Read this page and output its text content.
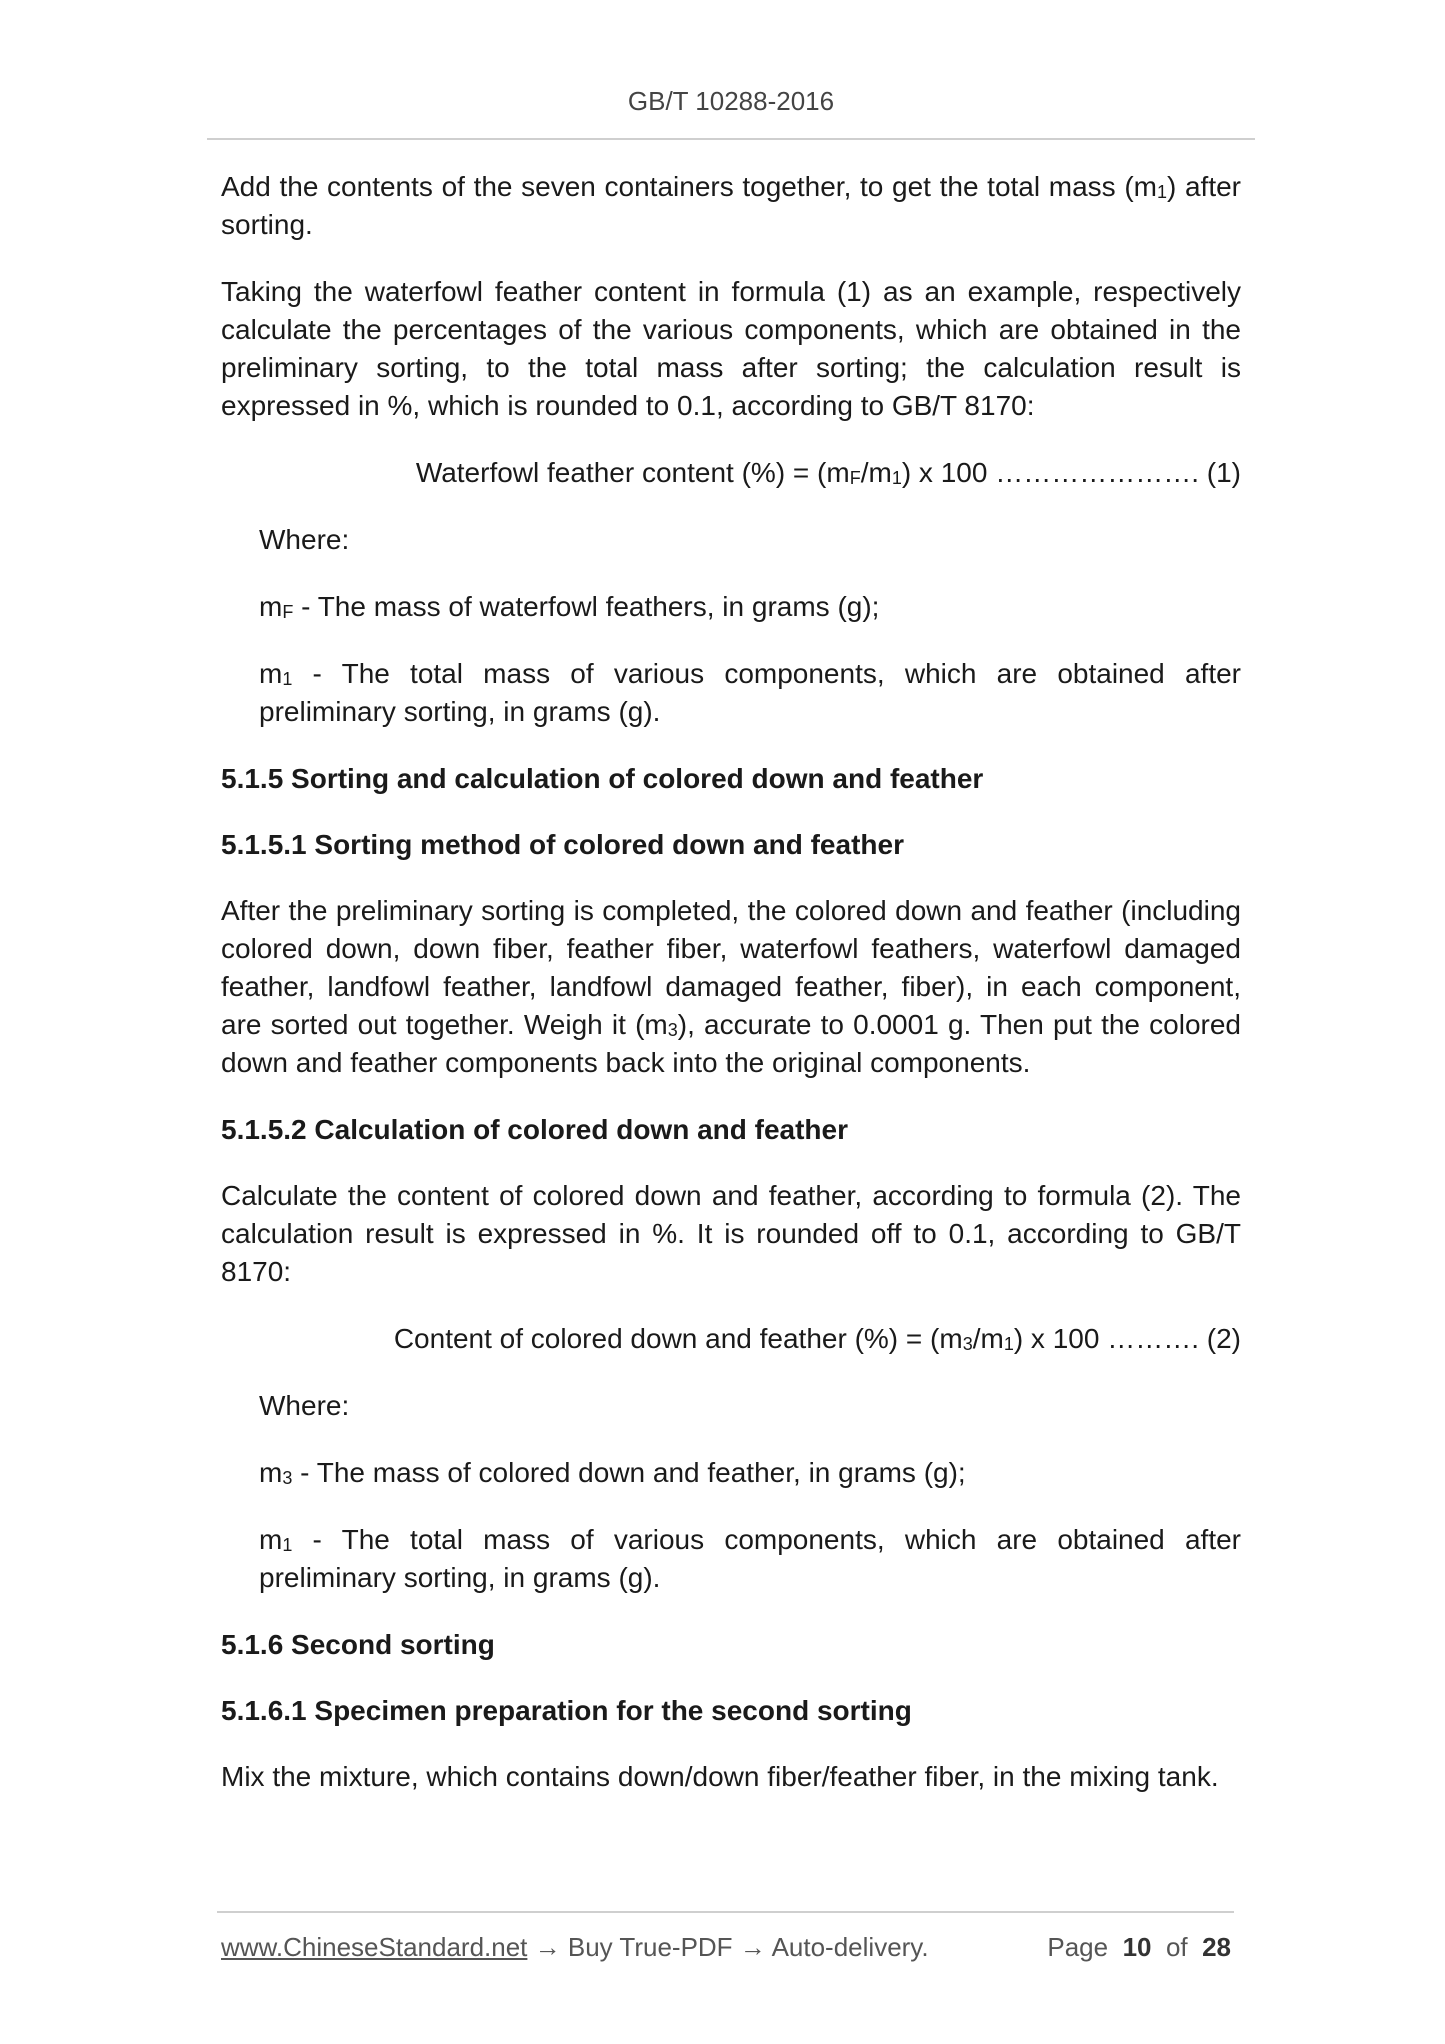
GB/T 10288-2016

Add the contents of the seven containers together, to get the total mass $(m_1)$ after sorting.

Taking the waterfowl feather content in formula (1) as an example, respectively calculate the percentages of the various components, which are obtained in the preliminary sorting, to the total mass after sorting; the calculation result is expressed in %, which is rounded to 0.1, according to GB/T 8170:

Waterfowl feather content (%) = $(m_F/m_1)$ x 100 …………………. (1)

Where:

$m_F$ - The mass of waterfowl feathers, in grams (g);

$m_1$ - The total mass of various components, which are obtained after preliminary sorting, in grams (g).

5.1.5 Sorting and calculation of colored down and feather
5.1.5.1 Sorting method of colored down and feather

After the preliminary sorting is completed, the colored down and feather (including colored down, down fiber, feather fiber, waterfowl feathers, waterfowl damaged feather, landfowl feather, landfowl damaged feather, fiber), in each component, are sorted out together. Weigh it $(m_3)$, accurate to 0.0001 g. Then put the colored down and feather components back into the original components.

5.1.5.2 Calculation of colored down and feather

Calculate the content of colored down and feather, according to formula (2). The calculation result is expressed in %. It is rounded off to 0.1, according to GB/T 8170:

Content of colored down and feather (%) = $(m_3/m_1)$ x 100 ………. (2)

Where:

$m_3$ - The mass of colored down and feather, in grams (g);

$m_1$ - The total mass of various components, which are obtained after preliminary sorting, in grams (g).

5.1.6 Second sorting
5.1.6.1 Specimen preparation for the second sorting

Mix the mixture, which contains down/down fiber/feather fiber, in the mixing tank.

www.ChineseStandard.net → Buy True-PDF → Auto-delivery.	Page 10 of 28
